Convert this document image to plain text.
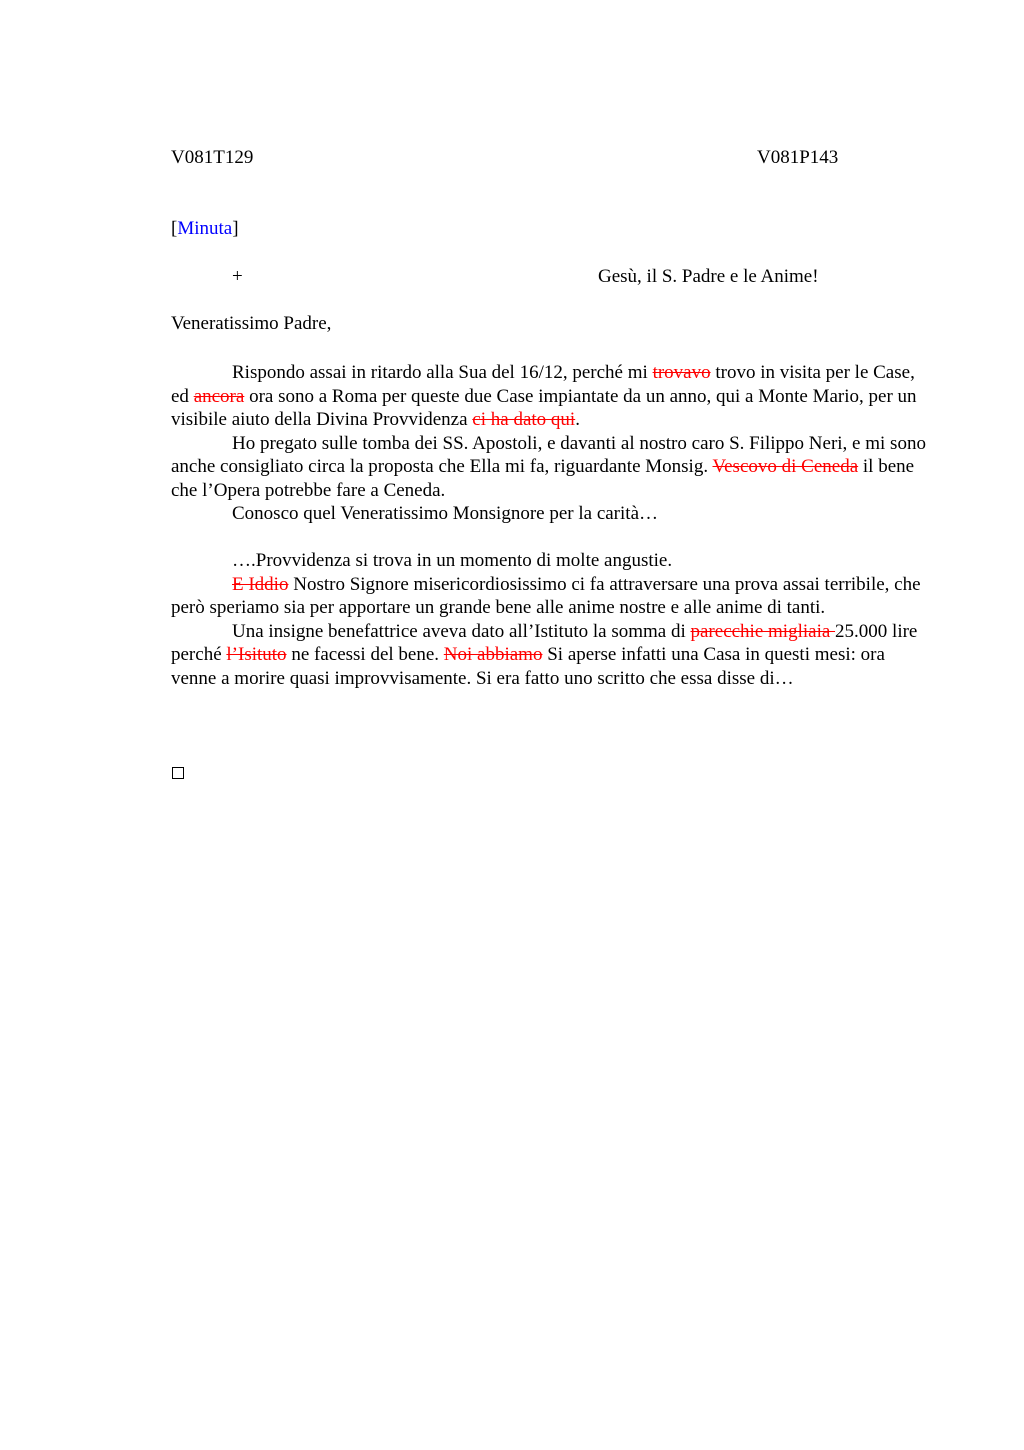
V081T129	V081P143
[Minuta]
+	Gesù, il S. Padre e le Anime!
Veneratissimo Padre,

Rispondo assai in ritardo alla Sua del 16/12, perché mi trovavo trovo in visita per le Case, ed ancora ora sono a Roma per queste due Case impiantate da un anno, qui a Monte Mario, per un visibile aiuto della Divina Provvidenza ci ha dato qui.

Ho pregato sulle tomba dei SS. Apostoli, e davanti al nostro caro S. Filippo Neri, e mi sono anche consigliato circa la proposta che Ella mi fa, riguardante Monsig. Vescovo di Ceneda il bene che l’Opera potrebbe fare a Ceneda.

Conosco quel Veneratissimo Monsignore per la carità…

….Provvidenza si trova in un momento di molte angustie.

E Iddio Nostro Signore misericordiosissimo ci fa attraversare una prova assai terribile, che però speriamo sia per apportare un grande bene alle anime nostre e alle anime di tanti.

Una insigne benefattrice aveva dato all’Istituto la somma di parecchie migliaia 25.000 lire perché l’Isituto ne facessi del bene. Noi abbiamo Si aperse infatti una Casa in questi mesi: ora venne a morire quasi improvvisamente. Si era fatto uno scritto che essa disse di…
